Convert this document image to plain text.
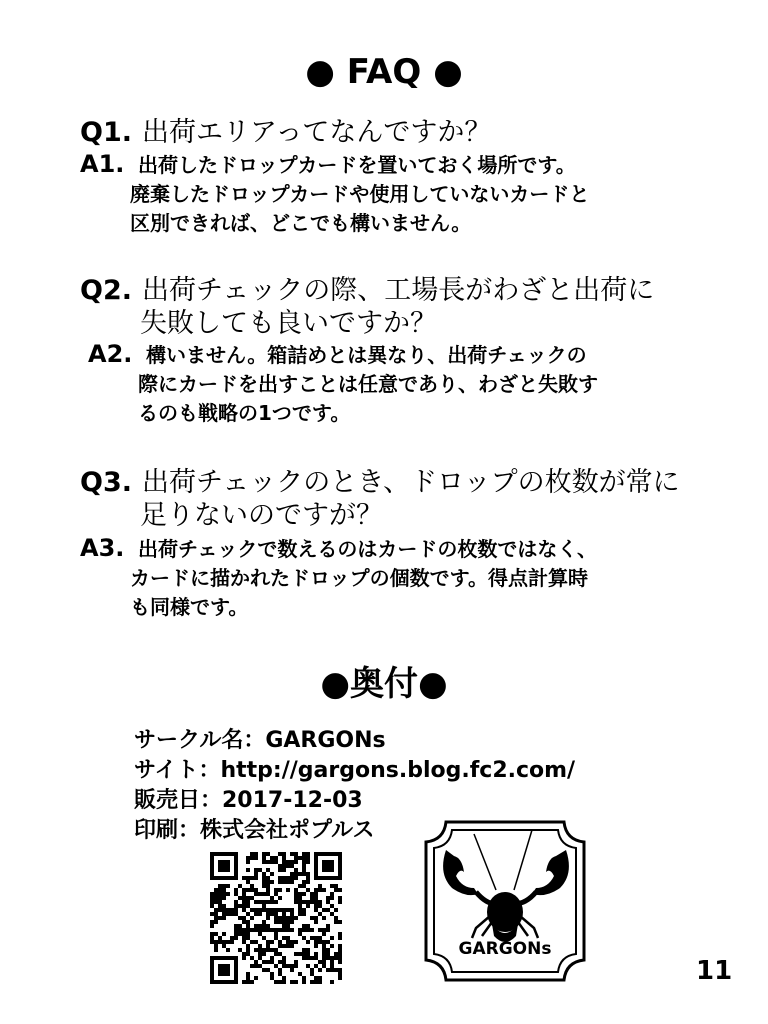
● FAQ ●
Q1. 出荷エリアってなんですか？
A1. 出荷したドロップカードを置いておく場所です。
廃棄したドロップカードや使用していないカードと
区別できれば、どこでも構いません。
Q2. 出荷チェックの際、工場長がわざと出荷に
失敗しても良いですか？
A2. 構いません。箱詰めとは異なり、出荷チェックの
際にカードを出すことは任意であり、わざと失敗す
るのも戦略の1つです。
Q3. 出荷チェックのとき、ドロップの枚数が常に
足りないのですが？
A3. 出荷チェックで数えるのはカードの枚数ではなく、
カードに描かれたドロップの個数です。得点計算時
も同様です。
●奥付●
サークル名：GARGONs
サイト：http://gargons.blog.fc2.com/
販売日：2017-12-03
印刷：株式会社ポプルス
GARGONs
11
